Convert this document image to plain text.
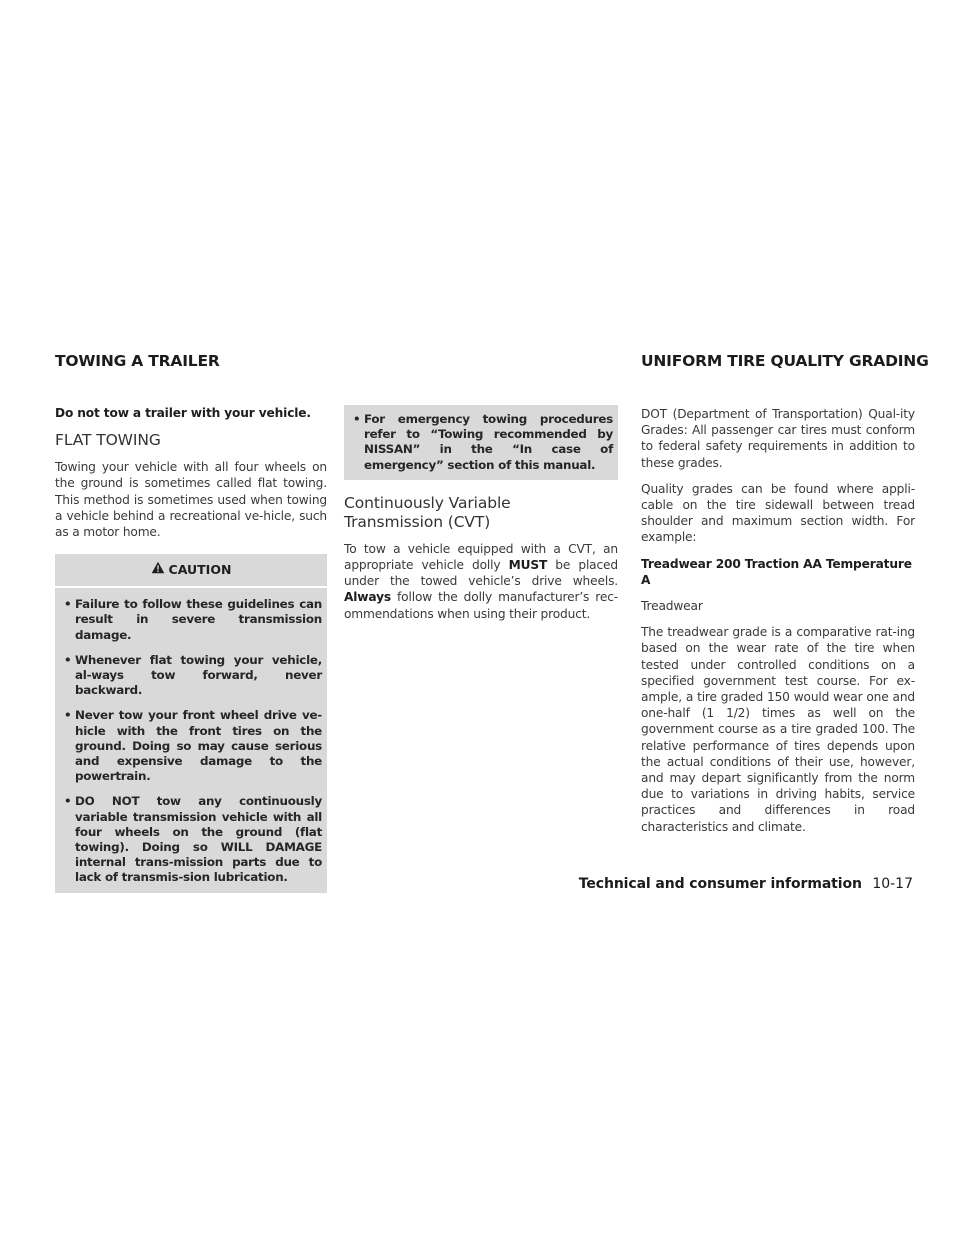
TOWING A TRAILER	UNIFORM TIRE QUALITY GRADING

Do not tow a trailer with your vehicle.

FLAT TOWING

Towing your vehicle with all four wheels on the ground is sometimes called flat towing. This method is sometimes used when towing a vehicle behind a recreational ve-hicle, such as a motor home.

CAUTION
• Failure to follow these guidelines can result in severe transmission damage.
• Whenever flat towing your vehicle, al-ways tow forward, never backward.
• Never tow your front wheel drive ve-hicle with the front tires on the ground. Doing so may cause serious and expensive damage to the powertrain.
• DO NOT tow any continuously variable transmission vehicle with all four wheels on the ground (flat towing). Doing so WILL DAMAGE internal trans-mission parts due to lack of transmis-sion lubrication.
• For emergency towing procedures refer to “Towing recommended by NISSAN” in the “In case of emergency” section of this manual.
Continuously Variable
Transmission (CVT)

To tow a vehicle equipped with a CVT, an appropriate vehicle dolly MUST be placed under the towed vehicle’s drive wheels. Always follow the dolly manufacturer’s rec-ommendations when using their product.

DOT (Department of Transportation) Qual-ity Grades: All passenger car tires must conform to federal safety requirements in addition to these grades.

Quality grades can be found where appli-cable on the tire sidewall between tread shoulder and maximum section width. For example:

Treadwear 200 Traction AA Temperature A

Treadwear

The treadwear grade is a comparative rat-ing based on the wear rate of the tire when tested under controlled conditions on a specified government test course. For ex-ample, a tire graded 150 would wear one and one-half (1 1/2) times as well on the government course as a tire graded 100. The relative performance of tires depends upon the actual conditions of their use, however, and may depart significantly from the norm due to variations in driving habits, service practices and differences in road characteristics and climate.

Technical and consumer information 10-17
